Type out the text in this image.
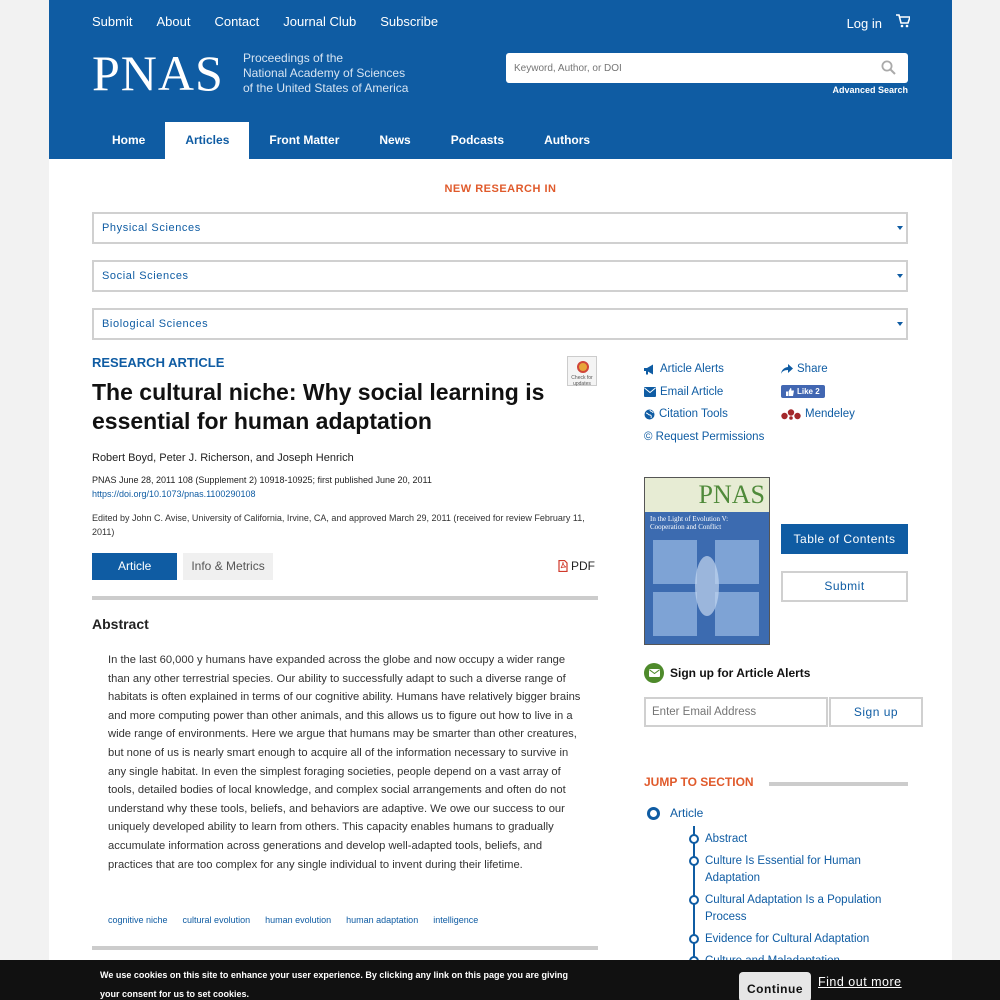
Submit About Contact Journal Club Subscribe	Log in
PNAS Proceedings of the
National Academy of Sciences
of the United States of America
Keyword, Author, or DOI	Advanced Search
Home	Articles	Front Matter	News	Podcasts	Authors
NEW RESEARCH IN
Physical Sciences
Social Sciences
Biological Sciences
RESEARCH ARTICLE
Check for updates
The cultural niche: Why social learning is essential for human adaptation
Robert Boyd, Peter J. Richerson, and Joseph Henrich
PNAS June 28, 2011 108 (Supplement 2) 10918-10925; first published June 20, 2011
https://doi.org/10.1073/pnas.1100290108
Edited by John C. Avise, University of California, Irvine, CA, and approved March 29, 2011 (received for review February 11, 2011)
Article	Info & Metrics	PDF
Abstract

In the last 60,000 y humans have expanded across the globe and now occupy a wider range than any other terrestrial species. Our ability to successfully adapt to such a diverse range of habitats is often explained in terms of our cognitive ability. Humans have relatively bigger brains and more computing power than other animals, and this allows us to figure out how to live in a wide range of environments. Here we argue that humans may be smarter than other creatures, but none of us is nearly smart enough to acquire all of the information necessary to survive in any single habitat. In even the simplest foraging societies, people depend on a vast array of tools, detailed bodies of local knowledge, and complex social arrangements and often do not understand why these tools, beliefs, and behaviors are adaptive. We owe our success to our uniquely developed ability to learn from others. This capacity enables humans to gradually accumulate information across generations and develop well-adapted tools, beliefs, and practices that are too complex for any single individual to invent during their lifetime.

cognitive niche cultural evolution human evolution human adaptation intelligence
Article Alerts
Email Article
Citation Tools
© Request Permissions
Share
Like 2
Mendeley
PNAS
In the Light of Evolution V: Cooperation and Conflict
Table of Contents
Submit
Sign up for Article Alerts
Enter Email Address
Sign up
JUMP TO SECTION
Article
Abstract
Culture Is Essential for Human Adaptation
Cultural Adaptation Is a Population Process
Evidence for Cultural Adaptation
We use cookies on this site to enhance your user experience. By clicking any link on this page you are giving your consent for us to set cookies.	Continue	Find out more
